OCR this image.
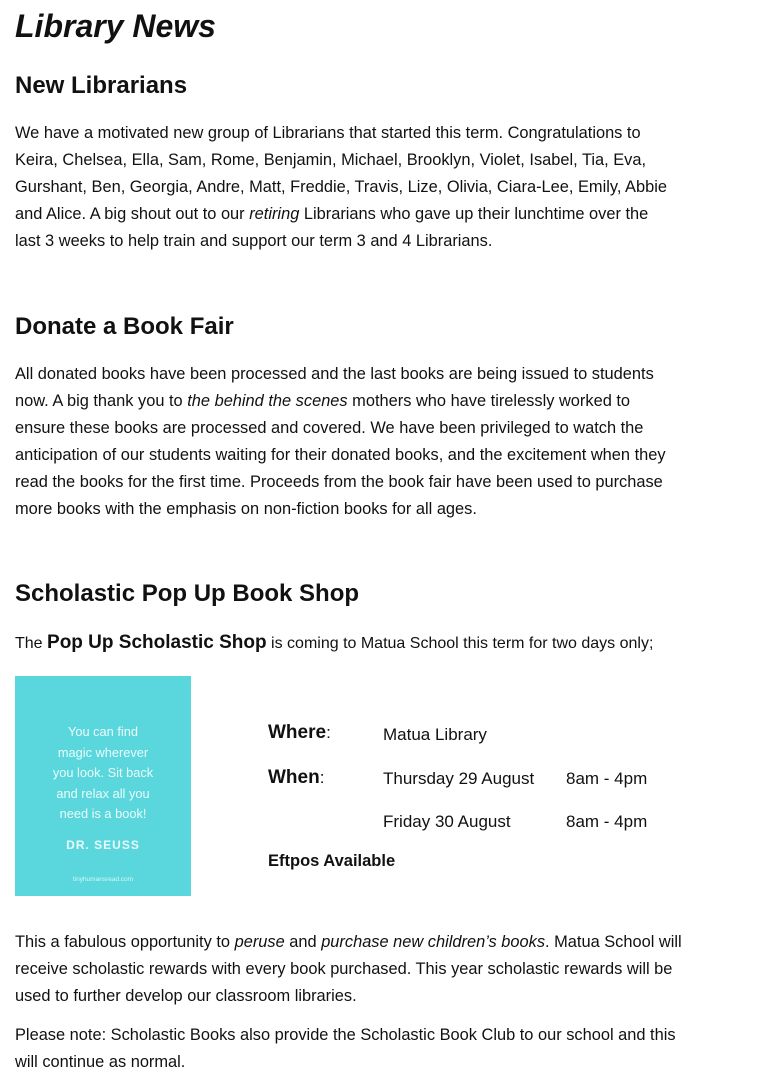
Library News
New Librarians

We have a motivated new group of Librarians that started this term. Congratulations to
Keira, Chelsea, Ella, Sam, Rome, Benjamin, Michael, Brooklyn, Violet, Isabel, Tia, Eva,
Gurshant, Ben, Georgia, Andre, Matt, Freddie, Travis, Lize, Olivia, Ciara-Lee, Emily, Abbie
and Alice. A big shout out to our retiring Librarians who gave up their lunchtime over the
last 3 weeks to help train and support our term 3 and 4 Librarians.

Donate a Book Fair

All donated books have been processed and the last books are being issued to students
now. A big thank you to the behind the scenes mothers who have tirelessly worked to
ensure these books are processed and covered. We have been privileged to watch the
anticipation of our students waiting for their donated books, and the excitement when they
read the books for the first time. Proceeds from the book fair have been used to purchase
more books with the emphasis on non-fiction books for all ages.

Scholastic Pop Up Book Shop
The Pop Up Scholastic Shop is coming to Matua School this term for two days only;
You can find
magic wherever
you look. Sit back
and relax all you
need is a book!
DR. SEUSS
tinyhumansread.com
Where:	Matua Library
When:	Thursday 29 August 8am - 4pm
Friday 30 August	8am - 4pm
Eftpos Available

This a fabulous opportunity to peruse and purchase new children’s books. Matua School will
receive scholastic rewards with every book purchased. This year scholastic rewards will be
used to further develop our classroom libraries.

Please note: Scholastic Books also provide the Scholastic Book Club to our school and this
will continue as normal.
